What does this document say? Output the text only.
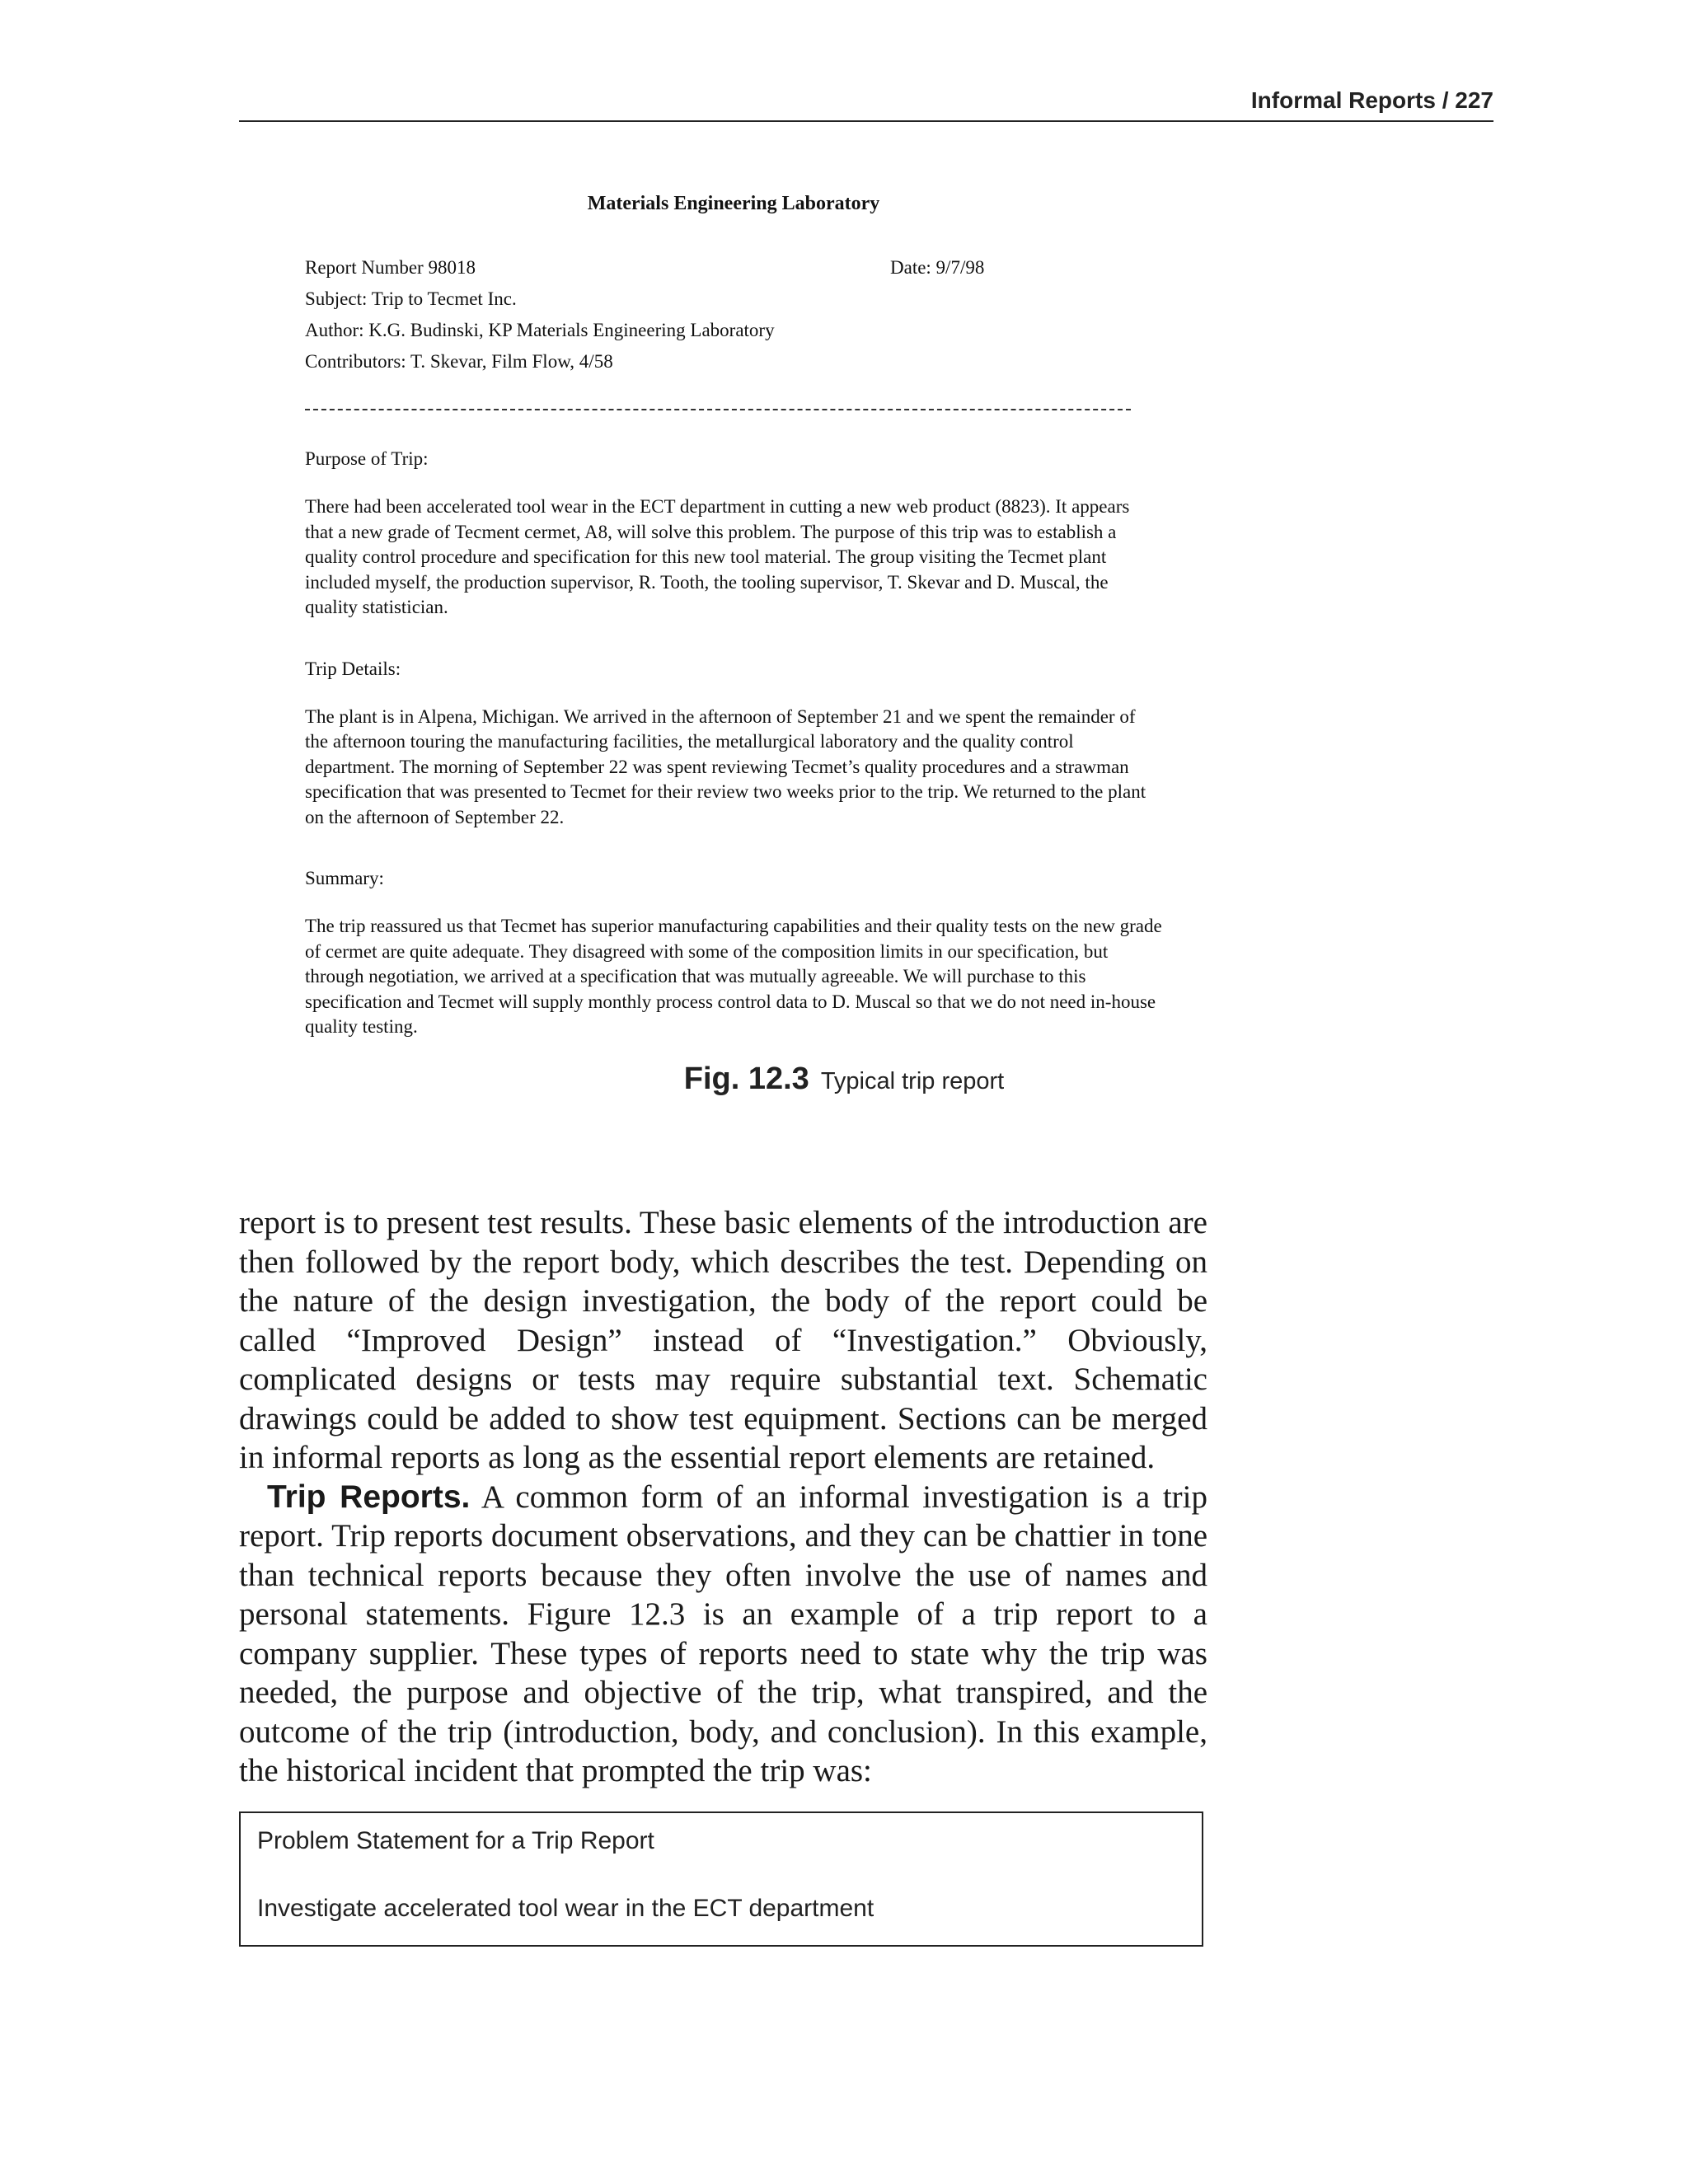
Informal Reports / 227
Materials Engineering Laboratory
Report Number 98018	Date: 9/7/98
Subject: Trip to Tecmet Inc.
Author: K.G. Budinski, KP Materials Engineering Laboratory
Contributors: T. Skevar, Film Flow, 4/58
Purpose of Trip:
There had been accelerated tool wear in the ECT department in cutting a new web product (8823). It appears that a new grade of Tecment cermet, A8, will solve this problem. The purpose of this trip was to establish a quality control procedure and specification for this new tool material. The group visiting the Tecmet plant included myself, the production supervisor, R. Tooth, the tooling supervisor, T. Skevar and D. Muscal, the quality statistician.
Trip Details:
The plant is in Alpena, Michigan. We arrived in the afternoon of September 21 and we spent the remainder of the afternoon touring the manufacturing facilities, the metallurgical laboratory and the quality control department. The morning of September 22 was spent reviewing Tecmet’s quality procedures and a strawman specification that was presented to Tecmet for their review two weeks prior to the trip. We returned to the plant on the afternoon of September 22.
Summary:
The trip reassured us that Tecmet has superior manufacturing capabilities and their quality tests on the new grade of cermet are quite adequate. They disagreed with some of the composition limits in our specification, but through negotiation, we arrived at a specification that was mutually agreeable. We will purchase to this specification and Tecmet will supply monthly process control data to D. Muscal so that we do not need in-house quality testing.
Fig. 12.3 Typical trip report

report is to present test results. These basic elements of the introduction are then followed by the report body, which describes the test. Depending on the nature of the design investigation, the body of the report could be called “Improved Design” instead of “Investigation.” Obviously, complicated designs or tests may require substantial text. Schematic drawings could be added to show test equipment. Sections can be merged in informal reports as long as the essential report elements are retained.

Trip Reports. A common form of an informal investigation is a trip report. Trip reports document observations, and they can be chattier in tone than technical reports because they often involve the use of names and personal statements. Figure 12.3 is an example of a trip report to a company supplier. These types of reports need to state why the trip was needed, the purpose and objective of the trip, what transpired, and the outcome of the trip (introduction, body, and conclusion). In this example, the historical incident that prompted the trip was:

Problem Statement for a Trip Report
Investigate accelerated tool wear in the ECT department
